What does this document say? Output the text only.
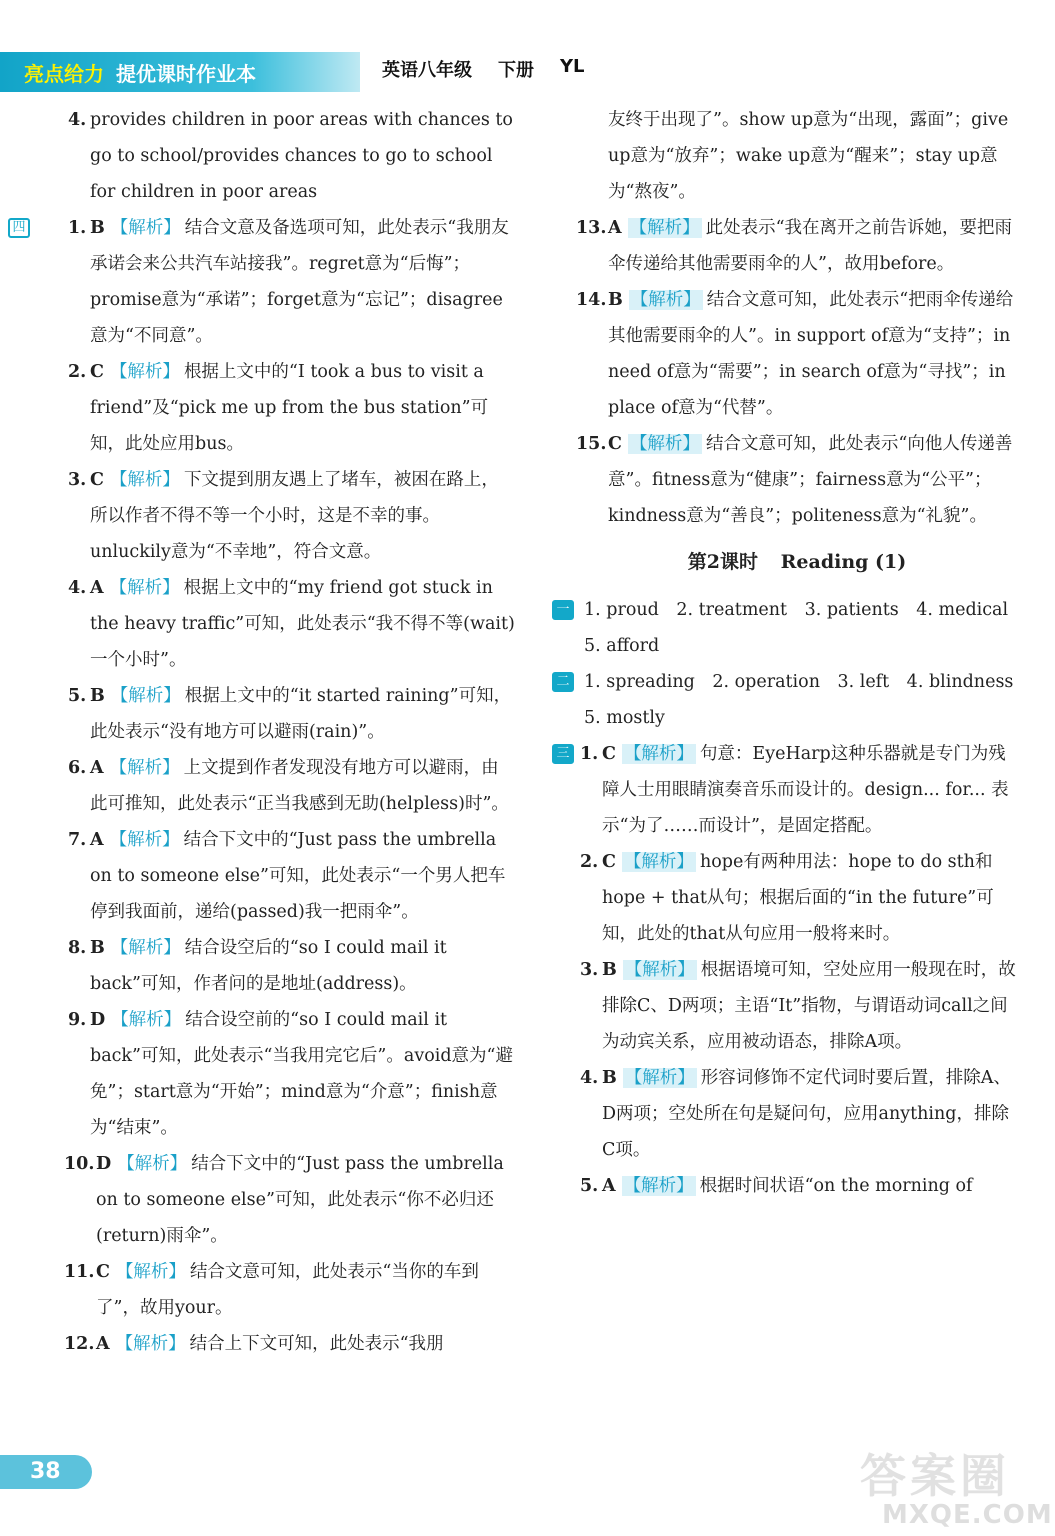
亮点给力 提优课时作业本	英语八年级 下册 YL
4. provides children in poor areas with chances to go to school/provides chances to go to school for children in poor areas
四 1. B 【解析】 结合文意及备选项可知，此处表示“我朋友承诺会来公共汽车站接我”。regret意为“后悔”；promise意为“承诺”；forget意为“忘记”；disagree意为“不同意”。
2. C 【解析】 根据上文中的“I took a bus to visit a friend”及“pick me up from the bus station”可知，此处应用bus。
3. C 【解析】 下文提到朋友遇上了堵车，被困在路上，所以作者不得不等一个小时，这是不幸的事。unluckily意为“不幸地”，符合文意。
4. A 【解析】 根据上文中的“my friend got stuck in the heavy traffic”可知，此处表示“我不得不等(wait)一个小时”。
5. B 【解析】 根据上文中的“it started raining”可知，此处表示“没有地方可以避雨(rain)”。
6. A 【解析】 上文提到作者发现没有地方可以避雨，由此可推知，此处表示“正当我感到无助(helpless)时”。
7. A 【解析】 结合下文中的“Just pass the umbrella on to someone else”可知，此处表示“一个男人把车停到我面前，递给(passed)我一把雨伞”。
8. B 【解析】 结合设空后的“so I could mail it back”可知，作者问的是地址(address)。
9. D 【解析】 结合设空前的“so I could mail it back”可知，此处表示“当我用完它后”。avoid意为“避免”；start意为“开始”；mind意为“介意”；finish意为“结束”。
10. D 【解析】 结合下文中的“Just pass the umbrella on to someone else”可知，此处表示“你不必归还(return)雨伞”。
11. C 【解析】 结合文意可知，此处表示“当你的车到了”，故用your。
12. A 【解析】 结合上下文可知，此处表示“我朋
友终于出现了”。show up意为“出现，露面”；give up意为“放弃”；wake up意为“醒来”；stay up意为“熬夜”。
13. A 【解析】 此处表示“我在离开之前告诉她，要把雨伞传递给其他需要雨伞的人”，故用before。
14. B 【解析】 结合文意可知，此处表示“把雨伞传递给其他需要雨伞的人”。in support of意为“支持”；in need of意为“需要”；in search of意为“寻找”；in place of意为“代替”。
15. C 【解析】 结合文意可知，此处表示“向他人传递善意”。fitness意为“健康”；fairness意为“公平”；kindness意为“善良”；politeness意为“礼貌”。
第2课时 Reading (1)
一 1. proud　2. treatment　3. patients　4. medical
5. afford
二 1. spreading　2. operation　3. left　4. blindness
5. mostly
三 1. C 【解析】 句意：EyeHarp这种乐器就是专门为残障人士用眼睛演奏音乐而设计的。design... for... 表示“为了……而设计”，是固定搭配。
2. C 【解析】 hope有两种用法：hope to do sth和hope + that从句；根据后面的“in the future”可知，此处的that从句应用一般将来时。
3. B 【解析】 根据语境可知，空处应用一般现在时，故排除C、D两项；主语“It”指物，与谓语动词call之间为动宾关系，应用被动语态，排除A项。
4. B 【解析】 形容词修饰不定代词时要后置，排除A、D两项；空处所在句是疑问句，应用anything，排除C项。
5. A 【解析】 根据时间状语“on the morning of
38	答案圈
MXQE.COM
